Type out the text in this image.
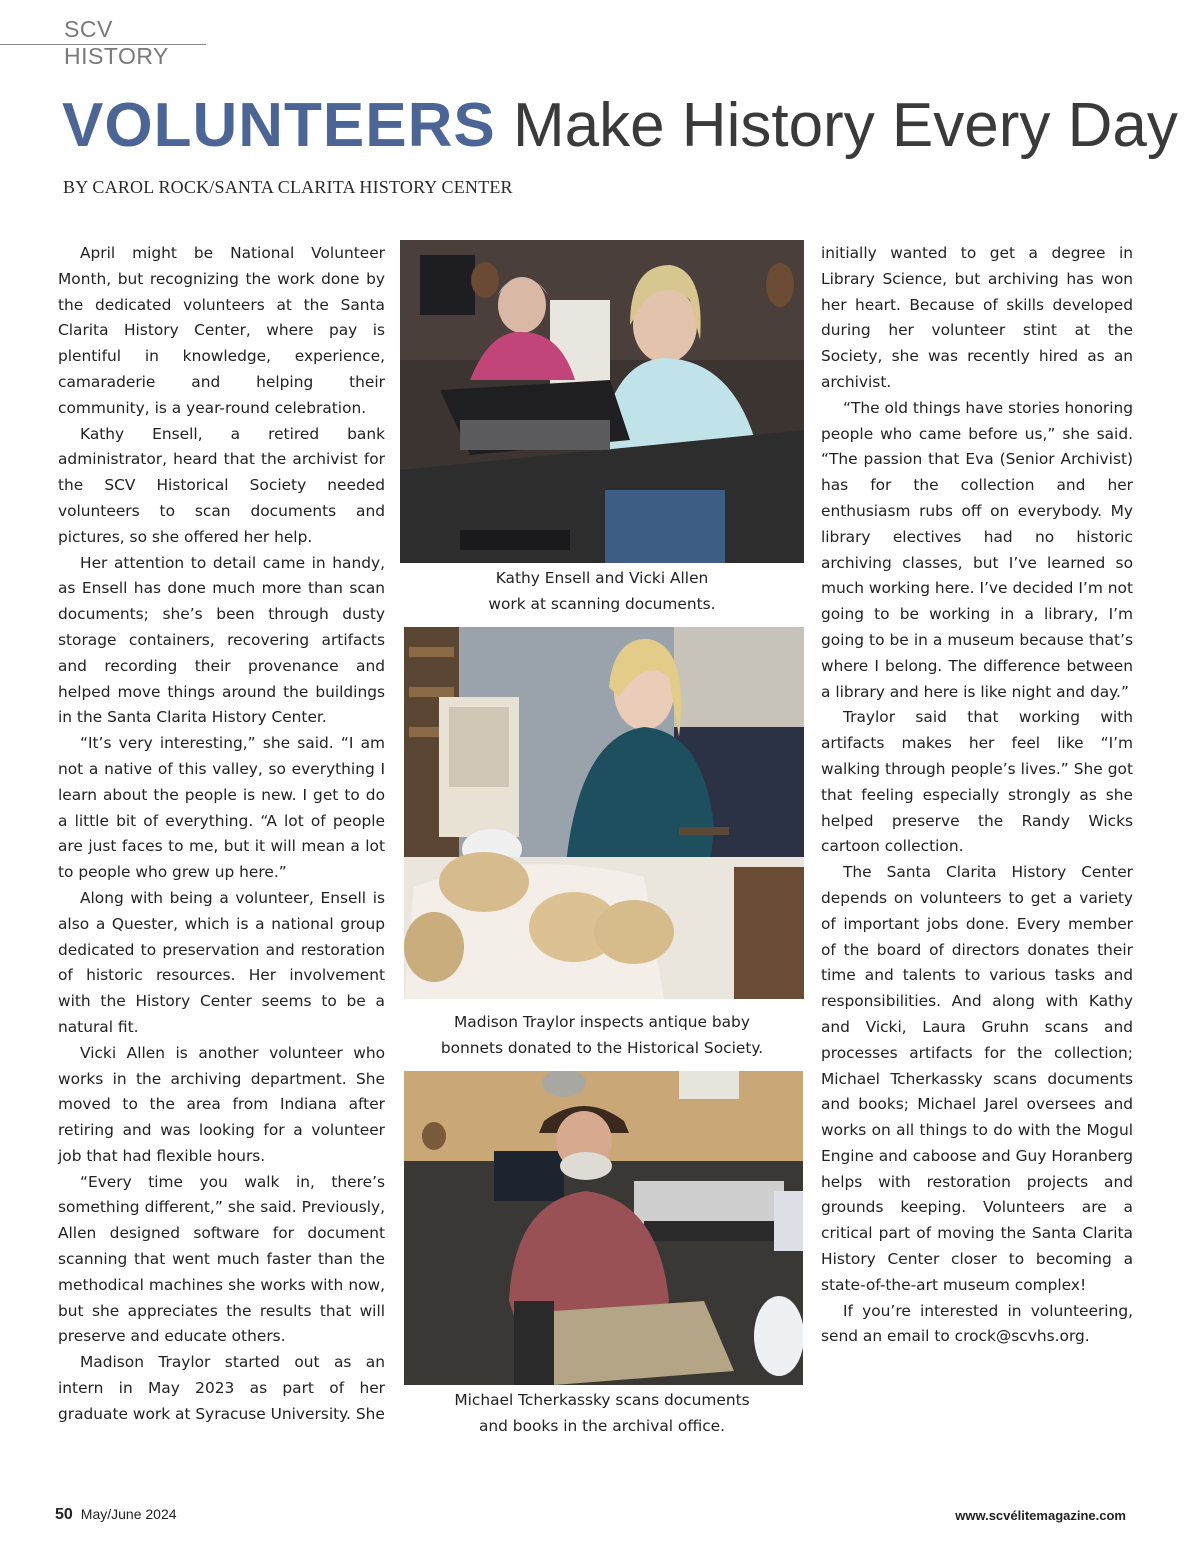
SCV HISTORY
VOLUNTEERS Make History Every Day
BY CAROL ROCK/SANTA CLARITA HISTORY CENTER

April might be National Volunteer Month, but recognizing the work done by the dedicated volunteers at the Santa Clarita History Center, where pay is plentiful in knowledge, experience, camaraderie and helping their community, is a year-round celebration.

Kathy Ensell, a retired bank administrator, heard that the archivist for the SCV Historical Society needed volunteers to scan documents and pictures, so she offered her help.

Her attention to detail came in handy, as Ensell has done much more than scan documents; she’s been through dusty storage containers, recovering artifacts and recording their provenance and helped move things around the buildings in the Santa Clarita History Center.

“It’s very interesting,” she said. “I am not a native of this valley, so everything I learn about the people is new. I get to do a little bit of everything. “A lot of people are just faces to me, but it will mean a lot to people who grew up here.”

Along with being a volunteer, Ensell is also a Quester, which is a national group dedicated to preservation and restoration of historic resources. Her involvement with the History Center seems to be a natural fit.

Vicki Allen is another volunteer who works in the archiving department. She moved to the area from Indiana after retiring and was looking for a volunteer job that had flexible hours.

“Every time you walk in, there’s something different,” she said. Previously, Allen designed software for document scanning that went much faster than the methodical machines she works with now, but she appreciates the results that will preserve and educate others.

Madison Traylor started out as an intern in May 2023 as part of her graduate work at Syracuse University. She

Kathy Ensell and Vicki Allen
work at scanning documents.
Madison Traylor inspects antique baby
bonnets donated to the Historical Society.
Michael Tcherkassky scans documents
and books in the archival office.

initially wanted to get a degree in Library Science, but archiving has won her heart. Because of skills developed during her volunteer stint at the Society, she was recently hired as an archivist.

“The old things have stories honoring people who came before us,” she said. “The passion that Eva (Senior Archivist) has for the collection and her enthusiasm rubs off on everybody. My library electives had no historic archiving classes, but I’ve learned so much working here. I’ve decided I’m not going to be working in a library, I’m going to be in a museum because that’s where I belong. The difference between a library and here is like night and day.”

Traylor said that working with artifacts makes her feel like “I’m walking through people’s lives.” She got that feeling especially strongly as she helped preserve the Randy Wicks cartoon collection.

The Santa Clarita History Center depends on volunteers to get a variety of important jobs done. Every member of the board of directors donates their time and talents to various tasks and responsibilities. And along with Kathy and Vicki, Laura Gruhn scans and processes artifacts for the collection; Michael Tcherkassky scans documents and books; Michael Jarel oversees and works on all things to do with the Mogul Engine and caboose and Guy Horanberg helps with restoration projects and grounds keeping. Volunteers are a critical part of moving the Santa Clarita History Center closer to becoming a state-of-the-art museum complex!

If you’re interested in volunteering, send an email to crock@scvhs.org.

50 May/June 2024	www.scvélitemagazine.com
